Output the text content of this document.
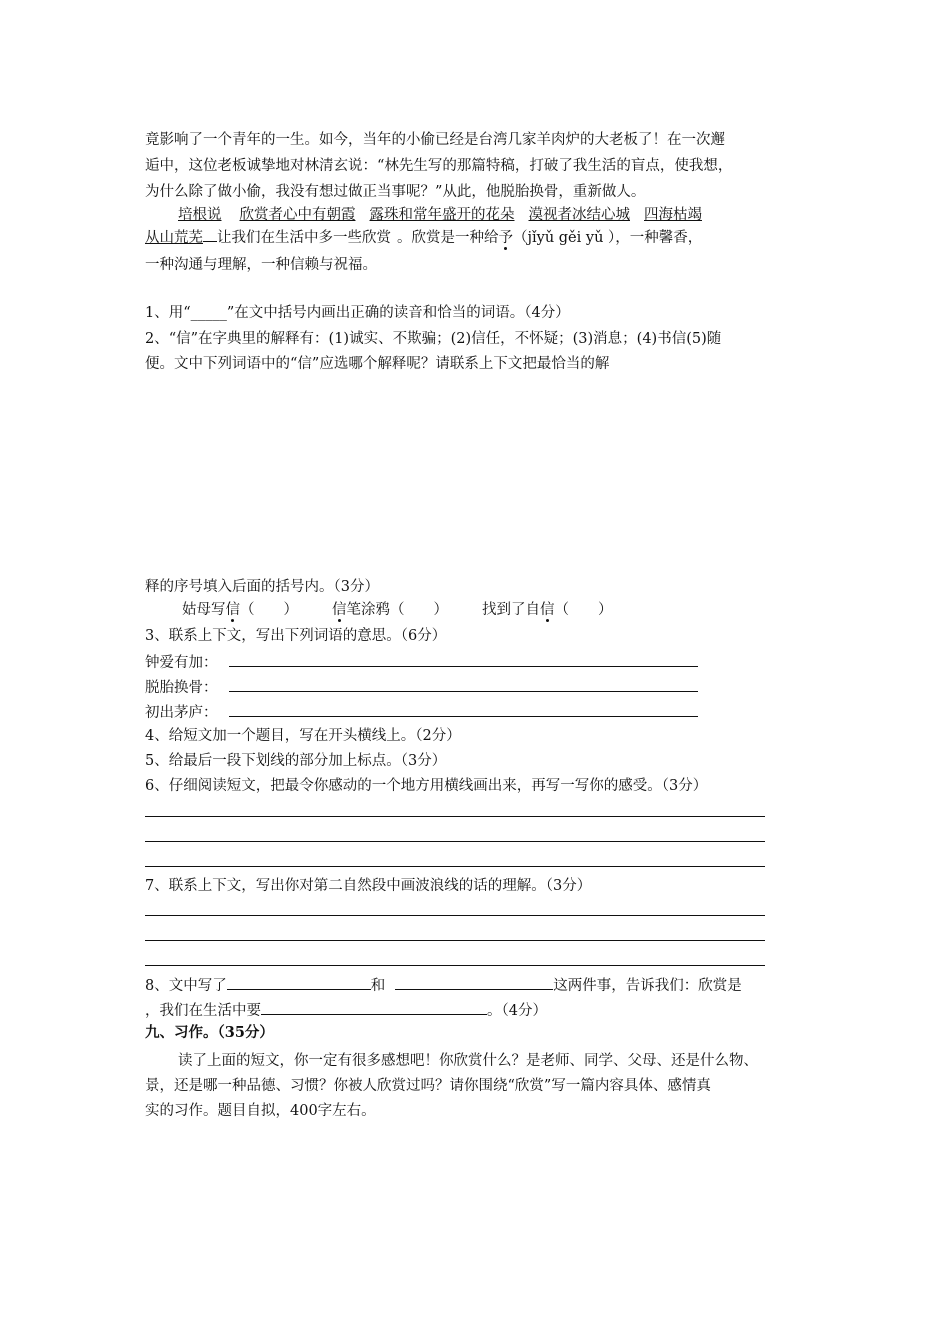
竟影响了一个青年的一生。如今，当年的小偷已经是台湾几家羊肉炉的大老板了！在一次邂
逅中，这位老板诚挚地对林清玄说：“林先生写的那篇特稿，打破了我生活的盲点，使我想，
为什么除了做小偷，我没有想过做正当事呢？”从此，他脱胎换骨，重新做人。
培根说 欣赏者心中有朝霞 露珠和常年盛开的花朵 漠视者冰结心城 四海枯竭
从山荒芜 让我们在生活中多一些欣赏 。欣赏是一种给予（jǐyǔ gěi yǔ ），一种馨香，
一种沟通与理解，一种信赖与祝福。
1、用“_____”在文中括号内画出正确的读音和恰当的词语。（4分）
2、“信”在字典里的解释有：(1)诚实、不欺骗；(2)信任，不怀疑；(3)消息；(4)书信(5)随
便。文中下列词语中的“信”应选哪个解释呢？请联系上下文把最恰当的解
释的序号填入后面的括号内。（3分）
姑母写信（　　） 信笔涂鸦（　　） 找到了自信（　　）
3、联系上下文，写出下列词语的意思。（6分）
钟爱有加：
脱胎换骨：
初出茅庐：
4、给短文加一个题目，写在开头横线上。（2分）
5、给最后一段下划线的部分加上标点。（3分）
6、仔细阅读短文，把最令你感动的一个地方用横线画出来，再写一写你的感受。（3分）
7、联系上下文，写出你对第二自然段中画波浪线的话的理解。（3分）
8、文中写了	和	这两件事，告诉我们：欣赏是
，我们在生活中要	。（4分）
九、习作。（35分）
读了上面的短文，你一定有很多感想吧！你欣赏什么？是老师、同学、父母、还是什么物、
景，还是哪一种品德、习惯？你被人欣赏过吗？请你围绕“欣赏”写一篇内容具体、感情真
实的习作。题目自拟，400字左右。
